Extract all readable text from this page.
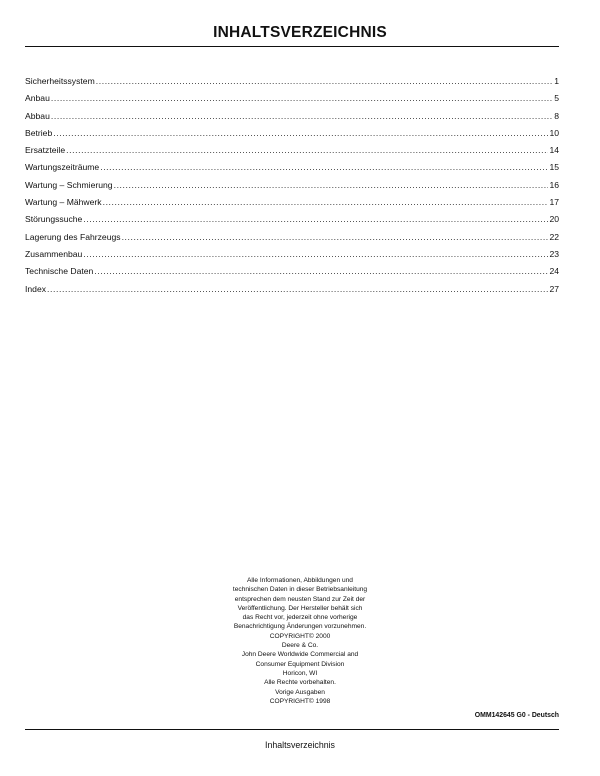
INHALTSVERZEICHNIS
Sicherheitssystem .....	1
Anbau .....	5
Abbau .....	8
Betrieb .....	10
Ersatzteile .....	14
Wartungszeiträume .....	15
Wartung – Schmierung .....	16
Wartung – Mähwerk .....	17
Störungssuche .....	20
Lagerung des Fahrzeugs .....	22
Zusammenbau .....	23
Technische Daten .....	24
Index .....	27
Alle Informationen, Abbildungen und
technischen Daten in dieser Betriebsanleitung
entsprechen dem neusten Stand zur Zeit der
Veröffentlichung. Der Hersteller behält sich
das Recht vor, jederzeit ohne vorherige
Benachrichtigung Änderungen vorzunehmen.
COPYRIGHT© 2000
Deere & Co.
John Deere Worldwide Commercial and
Consumer Equipment Division
Horicon, WI
Alle Rechte vorbehalten.
Vorige Ausgaben
COPYRIGHT© 1998
OMM142645 G0 - Deutsch
Inhaltsverzeichnis
